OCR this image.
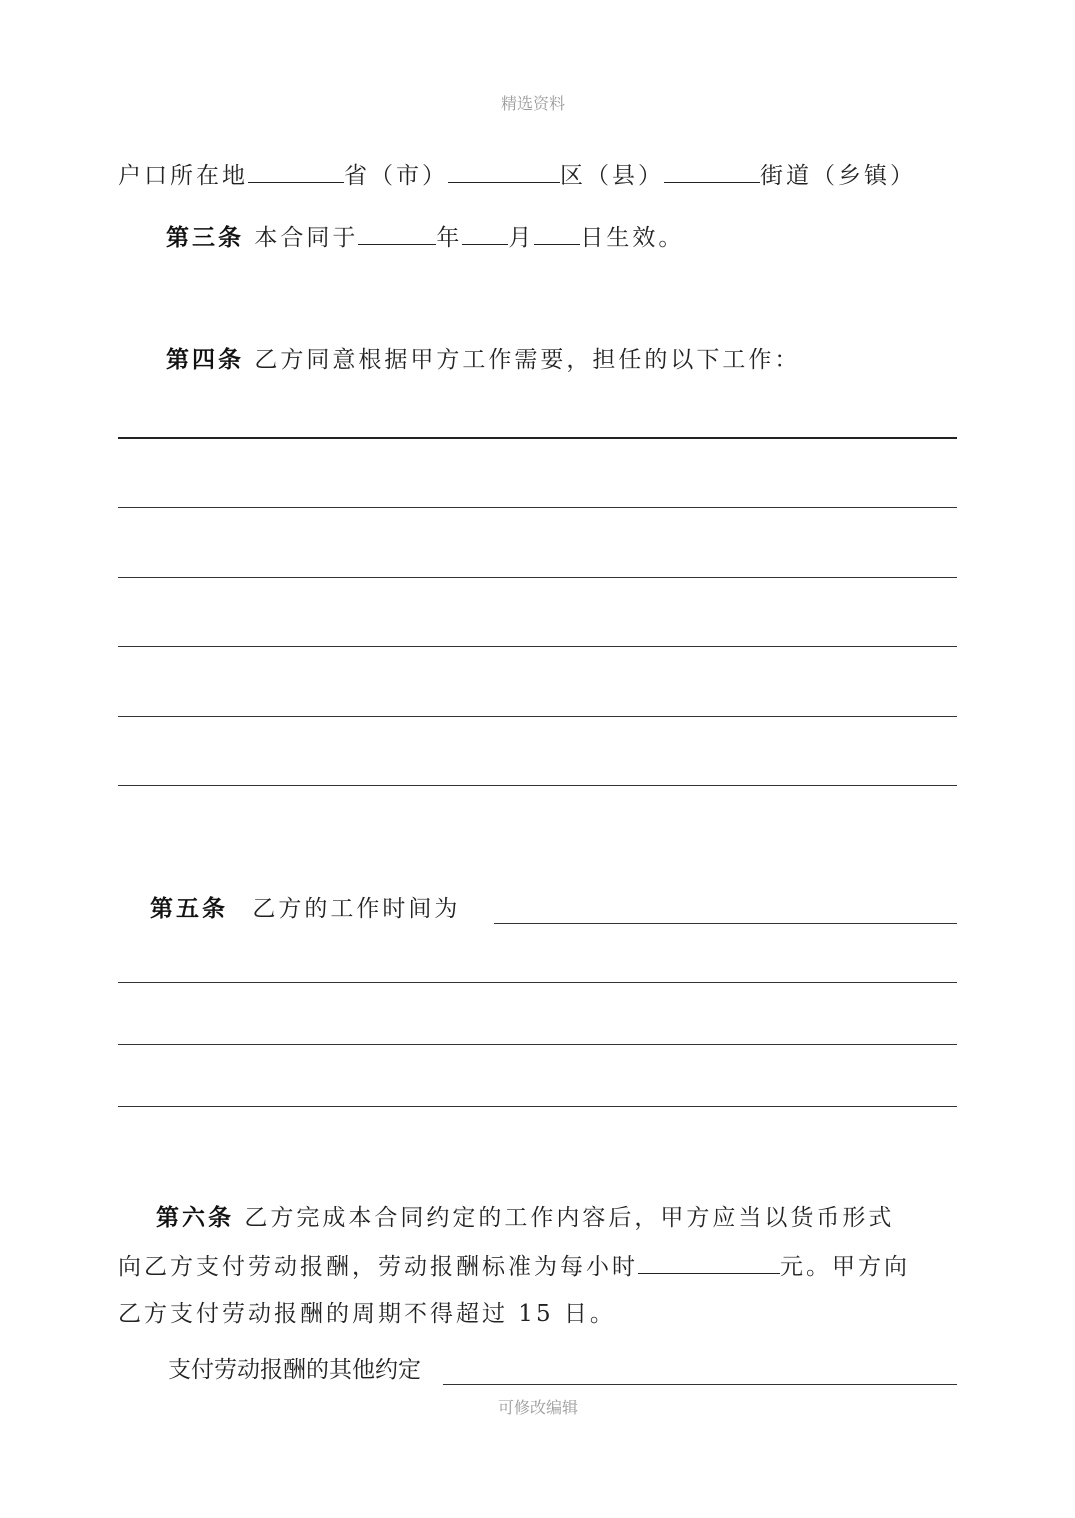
精选资料
户口所在地	省（市）	区（县）	街道（乡镇）
第三条 本合同于	年 月 日生效。
第四条 乙方同意根据甲方工作需要，担任的以下工作：
第五条 乙方的工作时间为
第六条 乙方完成本合同约定的工作内容后，甲方应当以货币形式
向乙方支付劳动报酬，劳动报酬标准为每小时	元。甲方向
乙方支付劳动报酬的周期不得超过 15 日。
支付劳动报酬的其他约定
可修改编辑
